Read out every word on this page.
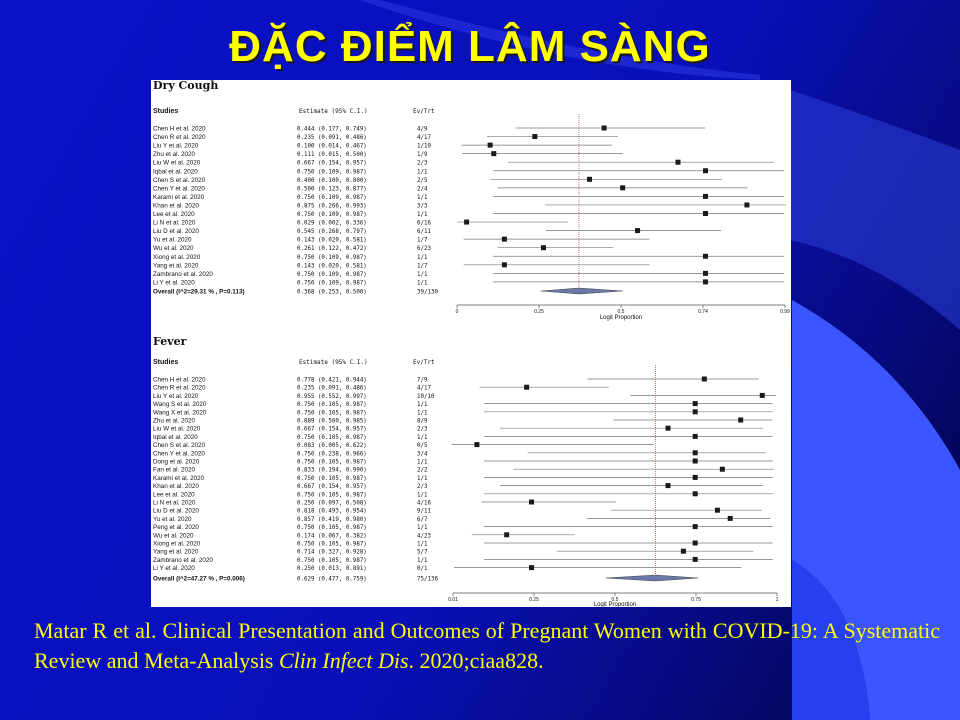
ĐẶC ĐIỂM LÂM SÀNG
Dry Cough
Studies	Estimate (95% C.I.)	Ev/Trt
Chen H et al. 2020	0.444 (0.177, 0.749)	4/9
Chen R et al. 2020	0.235 (0.091, 0.486)	4/17
Liu Y et al. 2020	0.100 (0.014, 0.467)	1/10
Zhu et al. 2020	0.111 (0.015, 0.500)	1/9
Liu W et al. 2020	0.667 (0.154, 0.957)	2/3
Iqbal et al. 2020	0.750 (0.109, 0.987)	1/1
Chen S et al. 2020	0.400 (0.100, 0.800)	2/5
Chen Y et al. 2020	0.500 (0.123, 0.877)	2/4
Karami et al. 2020	0.750 (0.109, 0.987)	1/1
Khan et al. 2020	0.875 (0.266, 0.993)	3/3
Lee et al. 2020	0.750 (0.109, 0.987)	1/1
Li N et al. 2020	0.029 (0.002, 0.336)	0/16
Liu D et al. 2020	0.545 (0.268, 0.797)	6/11
Yu et al. 2020	0.143 (0.020, 0.581)	1/7
Wu et al. 2020	0.261 (0.122, 0.472)	6/23
Xiong et al. 2020	0.750 (0.109, 0.987)	1/1
Yang et al. 2020	0.143 (0.020, 0.581)	1/7
Zambrano et al. 2020	0.750 (0.109, 0.987)	1/1
Li Y et al. 2020	0.750 (0.109, 0.987)	1/1
Overall (I^2=29.31 % , P=0.113)	0.368 (0.253, 0.500)	39/130
0	0.25	0.5	0.74	0.99
Logit Proportion
Fever
Studies	Estimate (95% C.I.)	Ev/Trt
Chen H et al. 2020	0.778 (0.421, 0.944)	7/9
Chen R et al. 2020	0.235 (0.091, 0.486)	4/17
Liu Y et al. 2020	0.955 (0.552, 0.997)	10/10
Wang S et al. 2020	0.750 (0.105, 0.987)	1/1
Wang X et al. 2020	0.750 (0.105, 0.987)	1/1
Zhu et al. 2020	0.889 (0.500, 0.985)	8/9
Liu W et al. 2020	0.667 (0.154, 0.957)	2/3
Iqbal et al. 2020	0.750 (0.105, 0.987)	1/1
Chen S et al. 2020	0.083 (0.005, 0.622)	0/5
Chen Y et al. 2020	0.750 (0.238, 0.966)	3/4
Dong et al. 2020	0.750 (0.105, 0.987)	1/1
Fan et al. 2020	0.833 (0.194, 0.990)	2/2
Karami et al. 2020	0.750 (0.105, 0.987)	1/1
Khan et al. 2020	0.667 (0.154, 0.957)	2/3
Lee et al. 2020	0.750 (0.105, 0.987)	1/1
Li N et al. 2020	0.250 (0.097, 0.508)	4/16
Liu D et al. 2020	0.818 (0.493, 0.954)	9/11
Yu et al. 2020	0.857 (0.419, 0.980)	6/7
Peng et al. 2020	0.750 (0.105, 0.987)	1/1
Wu et al. 2020	0.174 (0.067, 0.382)	4/23
Xiong et al. 2020	0.750 (0.105, 0.987)	1/1
Yang et al. 2020	0.714 (0.327, 0.928)	5/7
Zambrano et al. 2020	0.750 (0.105, 0.987)	1/1
Li Y et al. 2020	0.250 (0.013, 0.891)	0/1
Overall (I^2=47.27 % , P=0.006)	0.629 (0.477, 0.759)	75/136
0.01	0.25	0.5	0.75	1
Logit Proportion
Matar R et al. Clinical Presentation and Outcomes of Pregnant Women with COVID-19: A Systematic Review and Meta-Analysis Clin Infect Dis. 2020;ciaa828.
